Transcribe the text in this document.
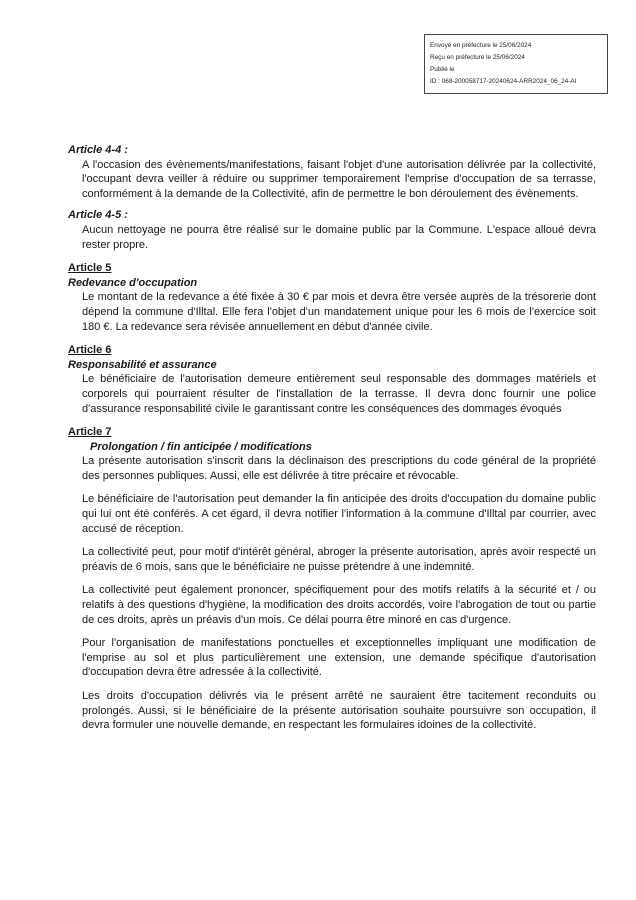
Envoyé en préfecture le 25/06/2024
Reçu en préfecture le 25/06/2024
Publié le
ID : 068-200058717-20240624-ARR2024_06_24-AI
Article 4-4 :

A l'occasion des évènements/manifestations, faisant l'objet d'une autorisation délivrée par la collectivité, l'occupant devra veiller à réduire ou supprimer temporairement l'emprise d'occupation de sa terrasse, conformément à la demande de la Collectivité, afin de permettre le bon déroulement des évènements.

Article 4-5 :

Aucun nettoyage ne pourra être réalisé sur le domaine public par la Commune. L'espace alloué devra rester propre.

Article 5
Redevance d'occupation

Le montant de la redevance a été fixée à 30 € par mois et devra être versée auprès de la trésorerie dont dépend la commune d'Illtal. Elle fera l'objet d'un mandatement unique pour les 6 mois de l'exercice soit 180 €. La redevance sera révisée annuellement en début d'année civile.

Article 6
Responsabilité et assurance

Le bénéficiaire de l'autorisation demeure entièrement seul responsable des dommages matériels et corporels qui pourraient résulter de l'installation de la terrasse. Il devra donc fournir une police d'assurance responsabilité civile le garantissant contre les conséquences des dommages évoqués

Article 7
Prolongation / fin anticipée / modifications

La présente autorisation s'inscrit dans la déclinaison des prescriptions du code général de la propriété des personnes publiques. Aussi, elle est délivrée à titre précaire et révocable.

Le bénéficiaire de l'autorisation peut demander la fin anticipée des droits d'occupation du domaine public qui lui ont été conférés. A cet égard, il devra notifier l'information à la commune d'Illtal par courrier, avec accusé de réception.

La collectivité peut, pour motif d'intérêt général, abroger la présente autorisation, après avoir respecté un préavis de 6 mois, sans que le bénéficiaire ne puisse prétendre à une indemnité.

La collectivité peut également prononcer, spécifiquement pour des motifs relatifs à la sécurité et / ou relatifs à des questions d'hygiène, la modification des droits accordés, voire l'abrogation de tout ou partie de ces droits, après un préavis d'un mois. Ce délai pourra être minoré en cas d'urgence.

Pour l'organisation de manifestations ponctuelles et exceptionnelles impliquant une modification de l'emprise au sol et plus particulièrement une extension, une demande spécifique d'autorisation d'occupation devra être adressée à la collectivité.

Les droits d'occupation délivrés via le présent arrêté ne sauraient être tacitement reconduits ou prolongés. Aussi, si le bénéficiaire de la présente autorisation souhaite poursuivre son occupation, il devra formuler une nouvelle demande, en respectant les formulaires idoines de la collectivité.
